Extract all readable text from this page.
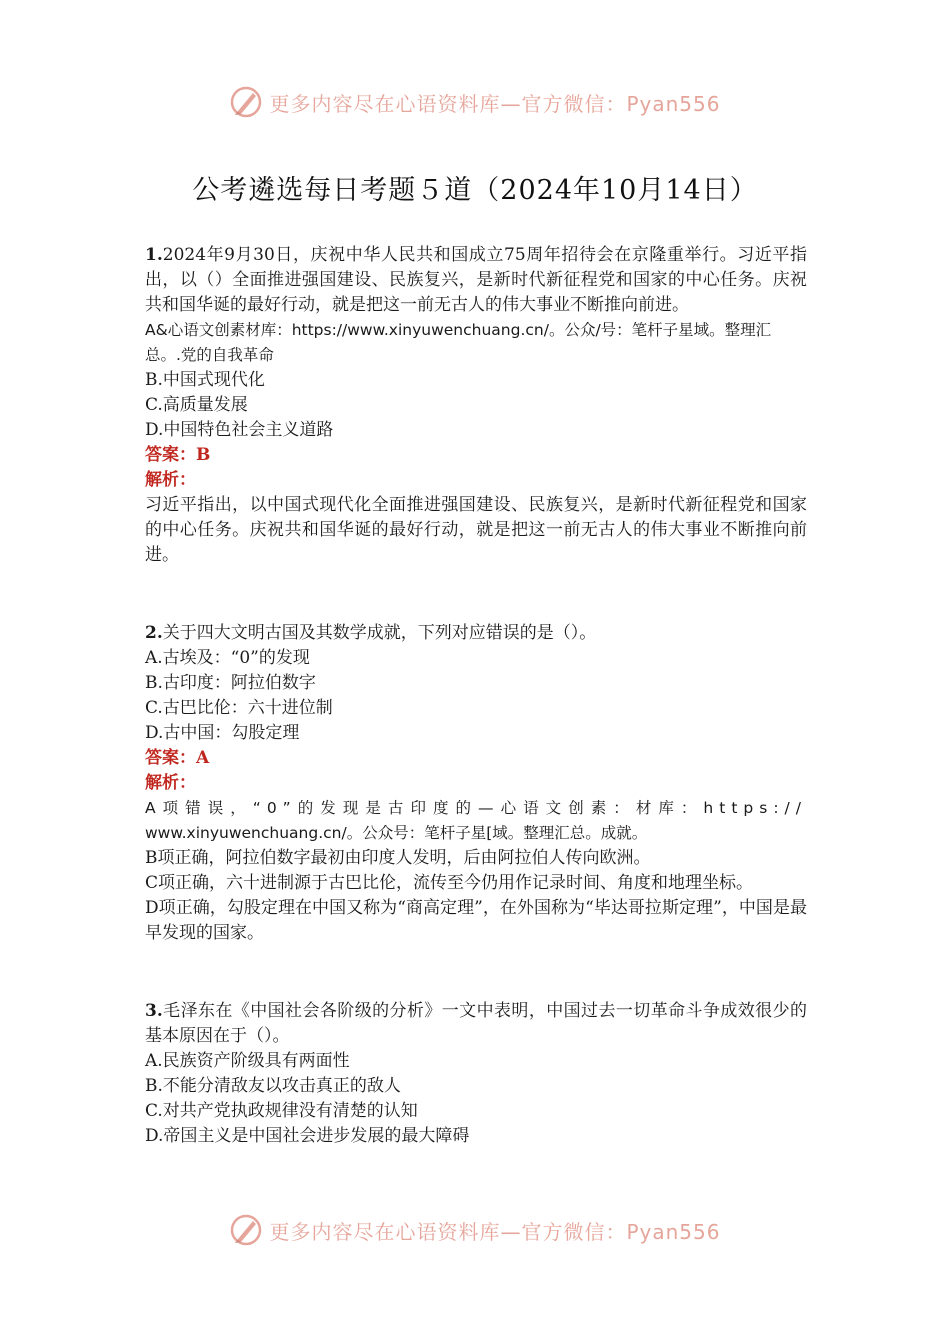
更多内容尽在心语资料库—官方微信：Pyan556
公考遴选每日考题５道（2024年10月14日）

1.2024年9月30日，庆祝中华人民共和国成立75周年招待会在京隆重举行。习近平指出，以（）全面推进强国建设、民族复兴，是新时代新征程党和国家的中心任务。庆祝共和国华诞的最好行动，就是把这一前无古人的伟大事业不断推向前进。

A&心语文创素材库：https://www.xinyuwenchuang.cn/。公众/号：笔杆子星域。整理汇总。.党的自我革命

B.中国式现代化

C.高质量发展

D.中国特色社会主义道路

答案：B

解析：

习近平指出，以中国式现代化全面推进强国建设、民族复兴，是新时代新征程党和国家的中心任务。庆祝共和国华诞的最好行动，就是把这一前无古人的伟大事业不断推向前进。

2.关于四大文明古国及其数学成就，下列对应错误的是（）。

A.古埃及：“0”的发现

B.古印度：阿拉伯数字

C.古巴比伦：六十进位制

D.古中国：勾股定理

答案：A

解析：

A项错误，“0”的发现是古印度的—心语文创素：材库：https://

www.xinyuwenchuang.cn/。公众号：笔杆子星[域。整理汇总。成就。

B项正确，阿拉伯数字最初由印度人发明，后由阿拉伯人传向欧洲。

C项正确，六十进制源于古巴比伦，流传至今仍用作记录时间、角度和地理坐标。

D项正确，勾股定理在中国又称为“商高定理”，在外国称为“毕达哥拉斯定理”，中国是最早发现的国家。

3.毛泽东在《中国社会各阶级的分析》一文中表明，中国过去一切革命斗争成效很少的基本原因在于（）。

A.民族资产阶级具有两面性

B.不能分清敌友以攻击真正的敌人

C.对共产党执政规律没有清楚的认知

D.帝国主义是中国社会进步发展的最大障碍

更多内容尽在心语资料库—官方微信：Pyan556
